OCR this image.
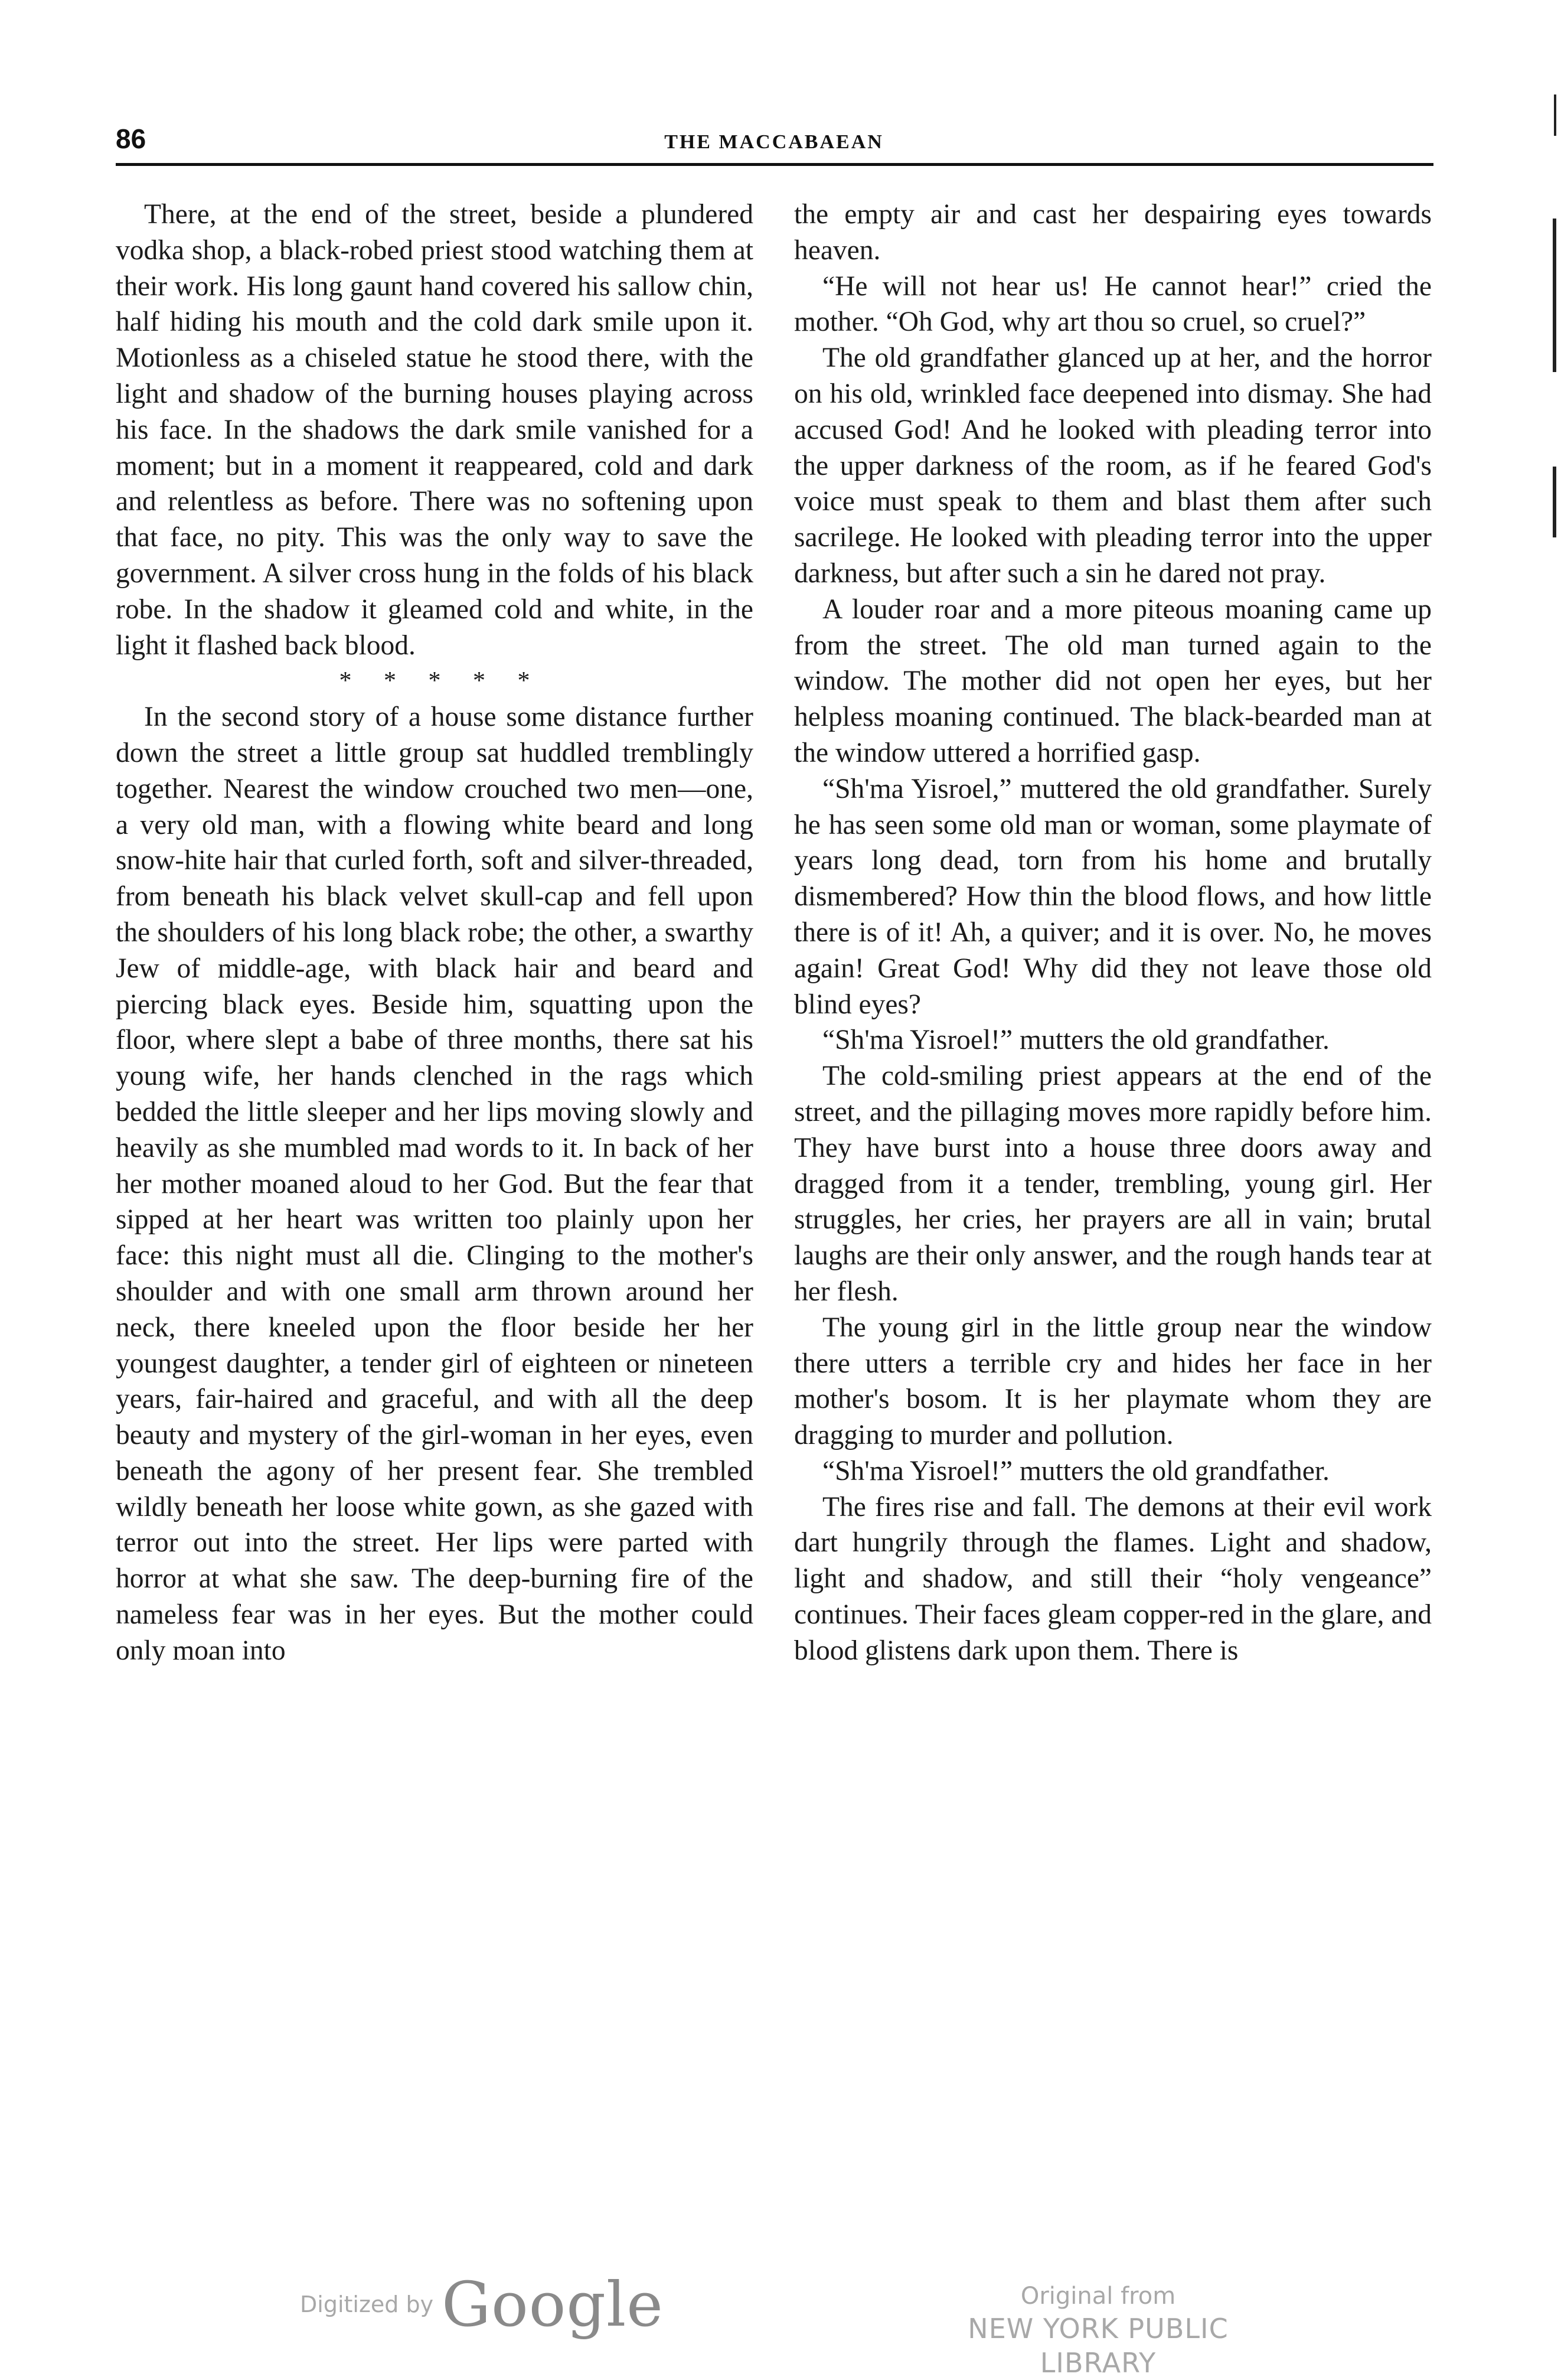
86	THE MACCABAEAN

There, at the end of the street, beside a plundered vodka shop, a black-robed priest stood watching them at their work. His long gaunt hand covered his sallow chin, half hiding his mouth and the cold dark smile upon it. Motionless as a chiseled statue he stood there, with the light and shadow of the burning houses playing across his face. In the shadows the dark smile vanished for a moment; but in a moment it reappeared, cold and dark and relentless as before. There was no softening upon that face, no pity. This was the only way to save the government. A silver cross hung in the folds of his black robe. In the shadow it gleamed cold and white, in the light it flashed back blood.

* * * * *

In the second story of a house some distance further down the street a little group sat huddled tremblingly together. Nearest the window crouched two men—one, a very old man, with a flowing white beard and long snow-hite hair that curled forth, soft and silver-threaded, from beneath his black velvet skull-cap and fell upon the shoulders of his long black robe; the other, a swarthy Jew of middle-age, with black hair and beard and piercing black eyes. Beside him, squatting upon the floor, where slept a babe of three months, there sat his young wife, her hands clenched in the rags which bedded the little sleeper and her lips moving slowly and heavily as she mumbled mad words to it. In back of her her mother moaned aloud to her God. But the fear that sipped at her heart was written too plainly upon her face: this night must all die. Clinging to the mother's shoulder and with one small arm thrown around her neck, there kneeled upon the floor beside her her youngest daughter, a tender girl of eighteen or nineteen years, fair-haired and graceful, and with all the deep beauty and mystery of the girl-woman in her eyes, even beneath the agony of her present fear. She trembled wildly beneath her loose white gown, as she gazed with terror out into the street. Her lips were parted with horror at what she saw. The deep-burning fire of the nameless fear was in her eyes. But the mother could only moan into

the empty air and cast her despairing eyes towards heaven.

“He will not hear us! He cannot hear!” cried the mother. “Oh God, why art thou so cruel, so cruel?”

The old grandfather glanced up at her, and the horror on his old, wrinkled face deepened into dismay. She had accused God! And he looked with pleading terror into the upper darkness of the room, as if he feared God's voice must speak to them and blast them after such sacrilege. He looked with pleading terror into the upper darkness, but after such a sin he dared not pray.

A louder roar and a more piteous moaning came up from the street. The old man turned again to the window. The mother did not open her eyes, but her helpless moaning continued. The black-bearded man at the window uttered a horrified gasp.

“Sh'ma Yisroel,” muttered the old grandfather. Surely he has seen some old man or woman, some playmate of years long dead, torn from his home and brutally dismembered? How thin the blood flows, and how little there is of it! Ah, a quiver; and it is over. No, he moves again! Great God! Why did they not leave those old blind eyes?

“Sh'ma Yisroel!” mutters the old grandfather.

The cold-smiling priest appears at the end of the street, and the pillaging moves more rapidly before him. They have burst into a house three doors away and dragged from it a tender, trembling, young girl. Her struggles, her cries, her prayers are all in vain; brutal laughs are their only answer, and the rough hands tear at her flesh.

The young girl in the little group near the window there utters a terrible cry and hides her face in her mother's bosom. It is her playmate whom they are dragging to murder and pollution.

“Sh'ma Yisroel!” mutters the old grandfather.

The fires rise and fall. The demons at their evil work dart hungrily through the flames. Light and shadow, light and shadow, and still their “holy vengeance” continues. Their faces gleam copper-red in the glare, and blood glistens dark upon them. There is

Digitized by Google	Original from
NEW YORK PUBLIC LIBRARY
